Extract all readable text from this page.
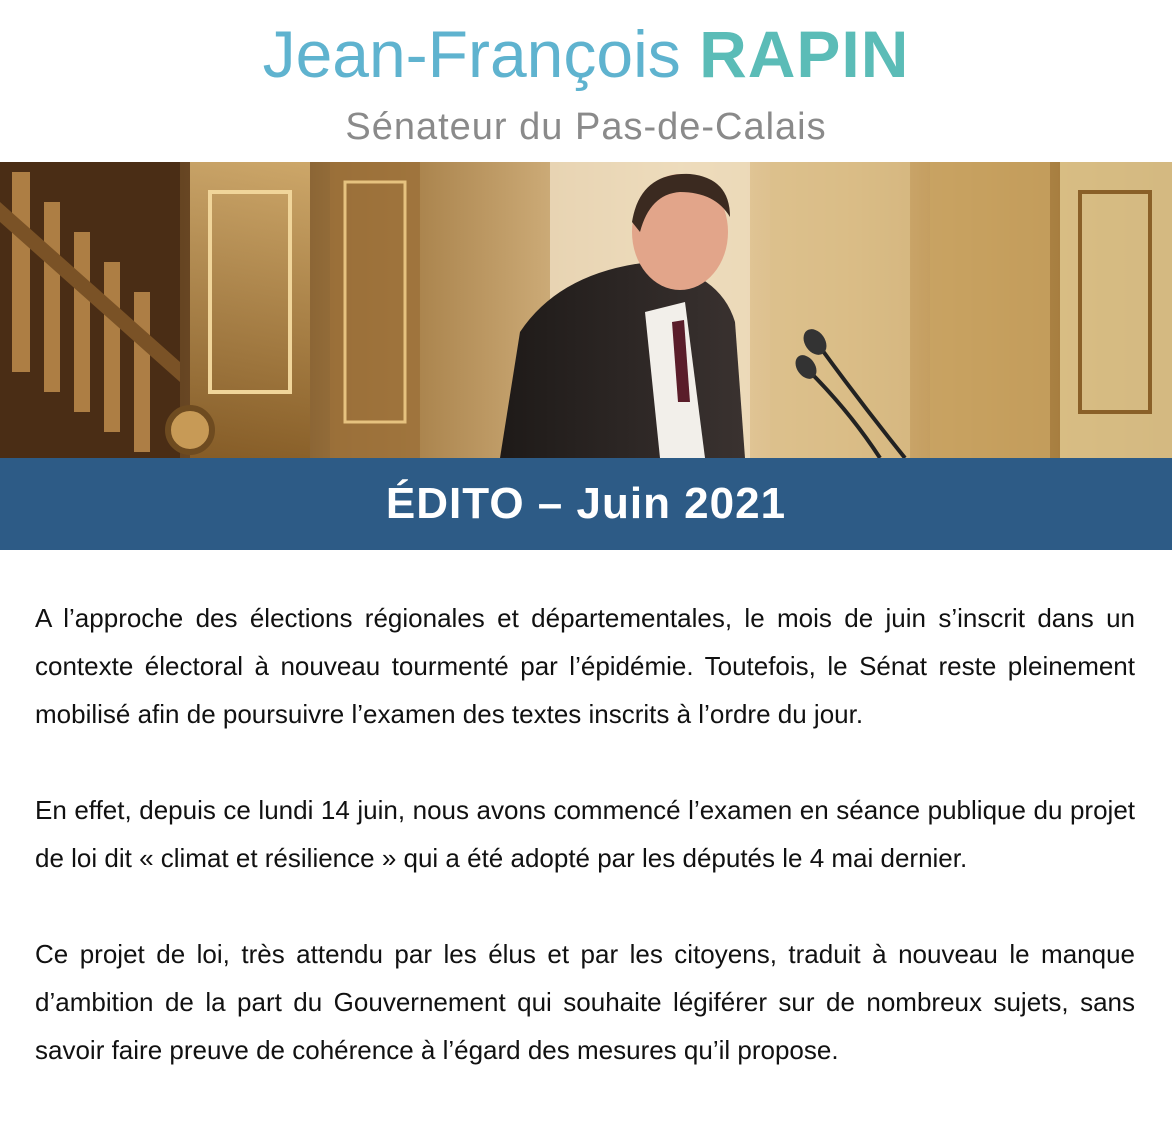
Jean-François RAPIN
Sénateur du Pas-de-Calais
ÉDITO – Juin 2021

A l’approche des élections régionales et départementales, le mois de juin s’inscrit dans un contexte électoral à nouveau tourmenté par l’épidémie. Toutefois, le Sénat reste pleinement mobilisé afin de poursuivre l’examen des textes inscrits à l’ordre du jour.

En effet, depuis ce lundi 14 juin, nous avons commencé l’examen en séance publique du projet de loi dit « climat et résilience » qui a été adopté par les députés le 4 mai dernier.

Ce projet de loi, très attendu par les élus et par les citoyens, traduit à nouveau le manque d’ambition de la part du Gouvernement qui souhaite légiférer sur de nombreux sujets, sans savoir faire preuve de cohérence à l’égard des mesures qu’il propose.
